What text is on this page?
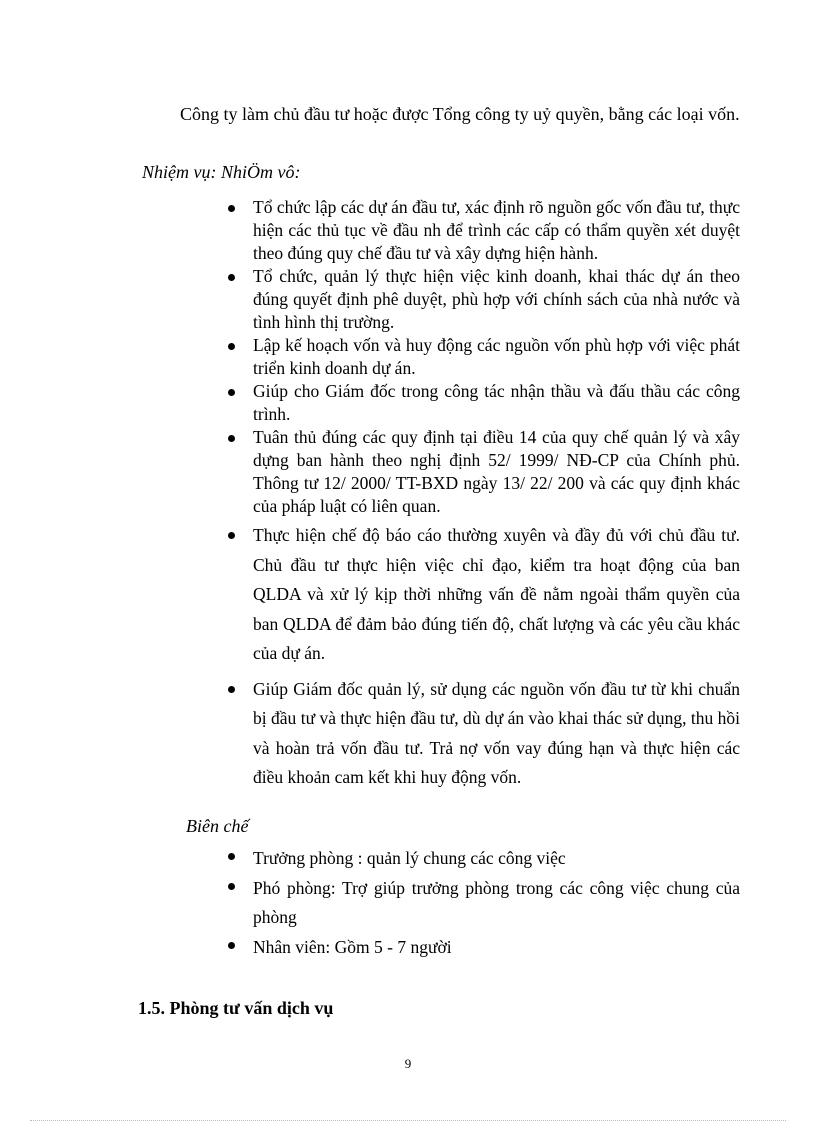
Công ty làm chủ đầu tư hoặc được Tổng công ty uỷ quyền, bằng các loại vốn.

Nhiệm vụ: NhiÖm vô:

Tổ chức lập các dự án đầu tư, xác định rõ nguồn gốc vốn đầu tư, thực hiện các thủ tục về đầu nh để trình các cấp có thẩm quyền xét duyệt theo đúng quy chế đầu tư và xây dựng hiện hành.
Tổ chức, quản lý thực hiện việc kinh doanh, khai thác dự án theo đúng quyết định phê duyệt, phù hợp với chính sách của nhà nước và tình hình thị trường.
Lập kế hoạch vốn và huy động các nguồn vốn phù hợp với việc phát triển kinh doanh dự án.
Giúp cho Giám đốc trong công tác nhận thầu và đấu thầu các công trình.
Tuân thủ đúng các quy định tại điều 14 của quy chế quản lý và xây dựng ban hành theo nghị định 52/ 1999/ NĐ-CP của Chính phủ. Thông tư 12/ 2000/ TT-BXD ngày 13/ 22/ 200 và các quy định khác của pháp luật có liên quan.
Thực hiện chế độ báo cáo thường xuyên và đầy đủ với chủ đầu tư. Chủ đầu tư thực hiện việc chỉ đạo, kiểm tra hoạt động của ban QLDA và xử lý kịp thời những vấn đề nằm ngoài thẩm quyền của ban QLDA để đảm bảo đúng tiến độ, chất lượng và các yêu cầu khác của dự án.
Giúp Giám đốc quản lý, sử dụng các nguồn vốn đầu tư từ khi chuẩn bị đầu tư và thực hiện đầu tư, dù dự án vào khai thác sử dụng, thu hồi và hoàn trả vốn đầu tư. Trả nợ vốn vay đúng hạn và thực hiện các điều khoản cam kết khi huy động vốn.

Biên chế

Trưởng phòng : quản lý chung các công việc
Phó phòng: Trợ giúp trưởng phòng trong các công việc chung của phòng
Nhân viên: Gồm 5 - 7 người

1.5. Phòng tư vấn dịch vụ

9
